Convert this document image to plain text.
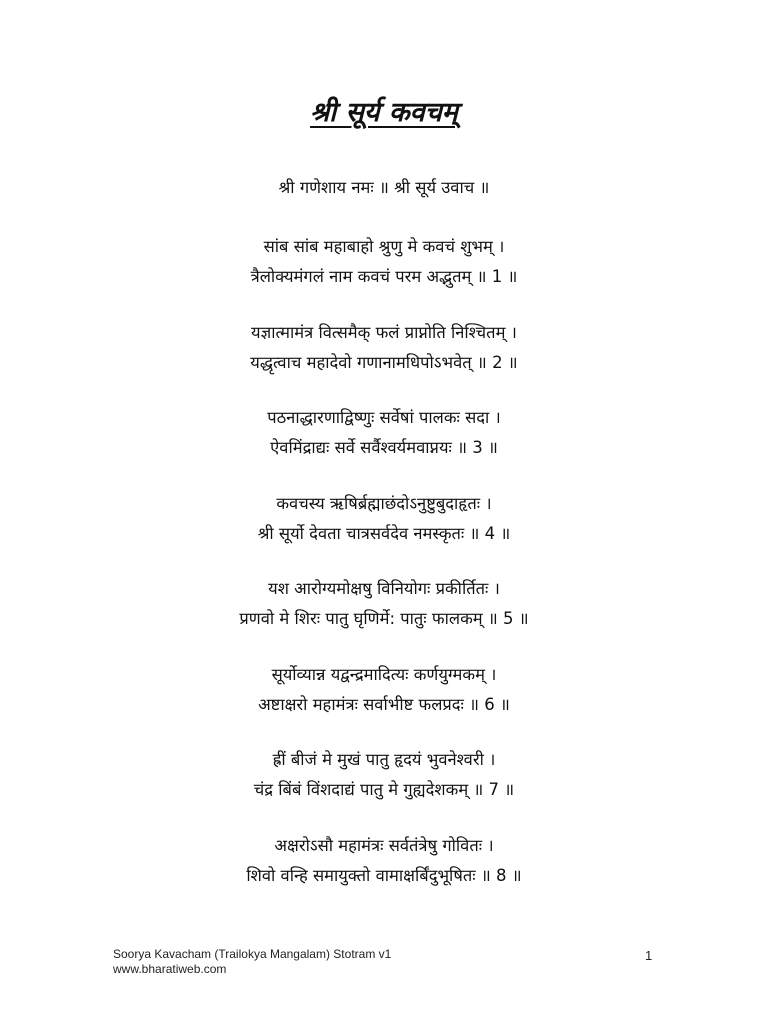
श्री सूर्य कवचम्
श्री गणेशाय नमः ॥ श्री सूर्य उवाच ॥
सांब सांब महाबाहो श्रुणु मे कवचं शुभम् ।
त्रैलोक्यमंगलं नाम कवचं परम अद्भुतम् ॥ 1 ॥
यज्ञात्मामंत्र वित्समैक् फलं प्राप्नोति निश्चितम् ।
यद्धृत्वाच महादेवो गणानामधिपोऽभवेत् ॥ 2 ॥
पठनाद्धारणाद्विष्णुः सर्वेषां पालकः सदा ।
ऐवमिंद्राद्यः सर्वे सर्वैश्वर्यमवाप्नयः ॥ 3 ॥
कवचस्य ऋषिर्ब्रह्माछंदोऽनुष्टुबुदाहृतः ।
श्री सूर्यो देवता चात्रसर्वदेव नमस्कृतः ॥ 4 ॥
यश आरोग्यमोक्षषु विनियोगः प्रकीर्तितः ।
प्रणवो मे शिरः पातु घृणिर्मे: पातुः फालकम् ॥ 5 ॥
सूर्योव्यान्न यद्वन्द्रमादित्यः कर्णयुग्मकम् ।
अष्टाक्षरो महामंत्रः सर्वाभीष्ट फलप्रदः ॥ 6 ॥
ह्रीं बीजं मे मुखं पातु हृदयं भुवनेश्वरी ।
चंद्र बिंबं विंशदाद्यं पातु मे गुह्यदेशकम् ॥ 7 ॥
अक्षरोऽसौ महामंत्रः सर्वतंत्रेषु गोवितः ।
शिवो वन्हि समायुक्तो वामाक्षर्बिंदुभूषितः ॥ 8 ॥
Soorya Kavacham (Trailokya Mangalam) Stotram v1
www.bharatiweb.com
1
